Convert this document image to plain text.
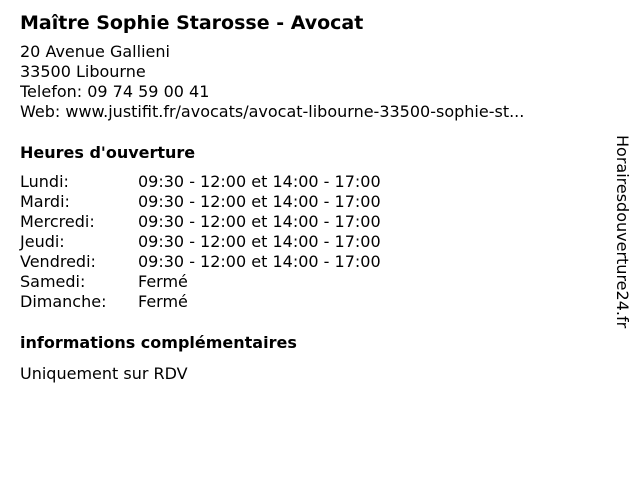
Maître Sophie Starosse - Avocat
20 Avenue Gallieni
33500 Libourne
Telefon: 09 74 59 00 41
Web: www.justifit.fr/avocats/avocat-libourne-33500-sophie-st...
Heures d'ouverture
Lundi:	09:30 - 12:00 et 14:00 - 17:00
Mardi:	09:30 - 12:00 et 14:00 - 17:00
Mercredi:	09:30 - 12:00 et 14:00 - 17:00
Jeudi:	09:30 - 12:00 et 14:00 - 17:00
Vendredi:	09:30 - 12:00 et 14:00 - 17:00
Samedi:	Fermé
Dimanche:	Fermé
informations complémentaires
Uniquement sur RDV
Horairesdouverture24.fr
